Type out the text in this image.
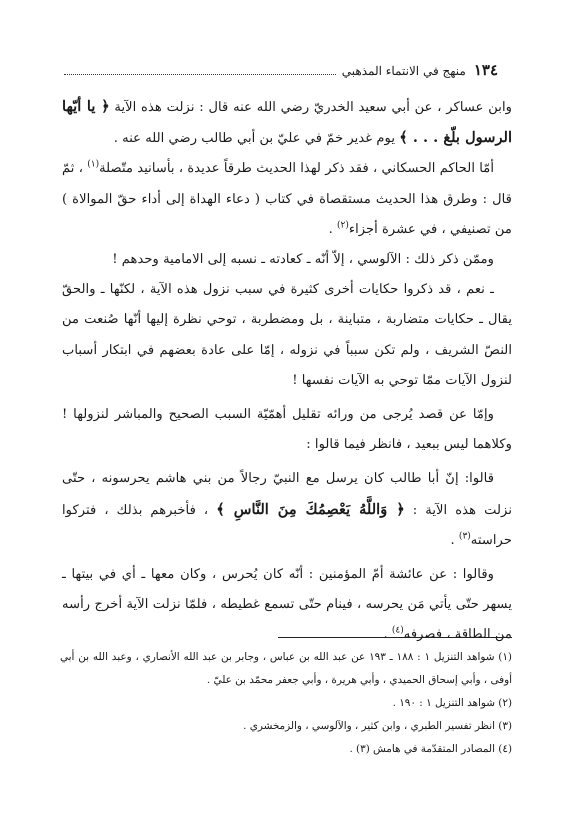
١٣٤
منهج في الانتماء المذهبي

وابن عساكر ، عن أبي سعيد الخدريّ رضي الله عنه قال : نزلت هذه الآية ﴿ يا أيّها الرسول بلّغ . . . ﴾ يوم غدير خمّ في عليّ بن أبي طالب رضي الله عنه .

أمّا الحاكم الحسكاني ، فقد ذكر لهذا الحديث طرقاً عديدة ، بأسانيد متّصلة$^{(١)}$ ، ثمّ قال : وطرق هذا الحديث مستقصاة في كتاب ( دعاء الهداة إلى أداء حقّ الموالاة ) من تصنيفي ، في عشرة أجزاء$^{(٢)}$ .

وممّن ذكر ذلك : الآلوسي ، إلاّ أنّه ـ كعادته ـ نسبه إلى الامامية وحدهم !

ـ نعم ، قد ذكروا حكايات أخرى كثيرة في سبب نزول هذه الآية ، لكنّها ـ والحقّ يقال ـ حكايات متضاربة ، متباينة ، بل ومضطربة ، توحي نظرة إليها أنّها صُنعت من النصّ الشريف ، ولم تكن سبباً في نزوله ، إمّا على عادة بعضهم في ابتكار أسباب لنزول الآيات ممّا توحي به الآيات نفسها !

وإمّا عن قصد يُرجى من ورائه تقليل أهمّيّة السبب الصحيح والمباشر لنزولها ! وكلاهما ليس ببعيد ، فانظر فيما قالوا :

قالوا: إنّ أبا طالب كان يرسل مع النبيّ رجالاً من بني هاشم يحرسونه ، حتّى نزلت هذه الآية : ﴿ وَاللَّهُ يَعْصِمُكَ مِنَ النَّاسِ ﴾ ، فأخبرهم بذلك ، فتركوا حراسته$^{(٣)}$ .

وقالوا : عن عائشة أمّ المؤمنين : أنّه كان يُحرس ، وكان معها ـ أي في بيتها ـ يسهر حتّى يأتي مَن يحرسه ، فينام حتّى تسمع غطيطه ، فلمّا نزلت الآية أخرج رأسه من الطاقة ، فصرفه$^{(٤)}$ .

(١) شواهد التنزيل ١ : ١٨٨ ـ ١٩٣ عن عبد الله بن عباس ، وجابر بن عبد الله الأنصاري ، وعبد الله بن أبي أوفى ، وأبي إسحاق الحميدي ، وأبي هريرة ، وأبي جعفر محمّد بن عليّ .

(٢) شواهد التنزيل ١ : ١٩٠ .

(٣) انظر تفسير الطبري ، وابن كثير ، والآلوسي ، والزمخشري .

(٤) المصادر المتقدّمة في هامش (٣) .
